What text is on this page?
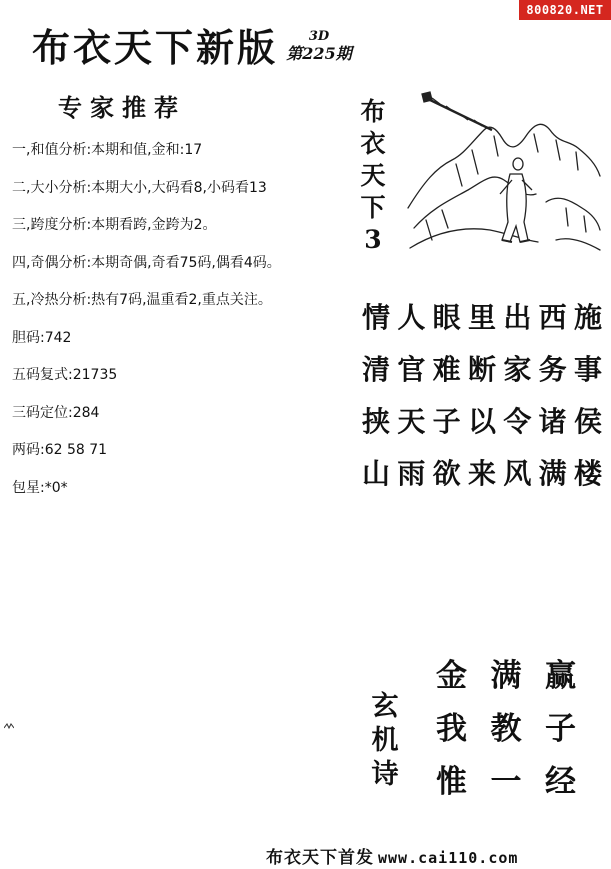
800820.NET
布衣天下新版	3D
第225期
专家推荐
一,和值分析:本期和值,金和:17
二,大小分析:本期大小,大码看8,小码看13
三,跨度分析:本期看跨,金跨为2。
四,奇偶分析:本期奇偶,奇看75码,偶看4码。
五,冷热分析:热有7码,温重看2,重点关注。
胆码:742
五码复式:21735
三码定位:284
两码:62 58 71
包星:*0*
布
衣
天
下
3
情 人 眼 里 出 西 施
清 官 难 断 家 务 事
挟 天 子 以 令 诸 侯
山 雨 欲 来 风 满 楼
玄
机
诗
金 满 赢
我 教 子
惟 一 经
布衣天下首发 www.cai110.com
